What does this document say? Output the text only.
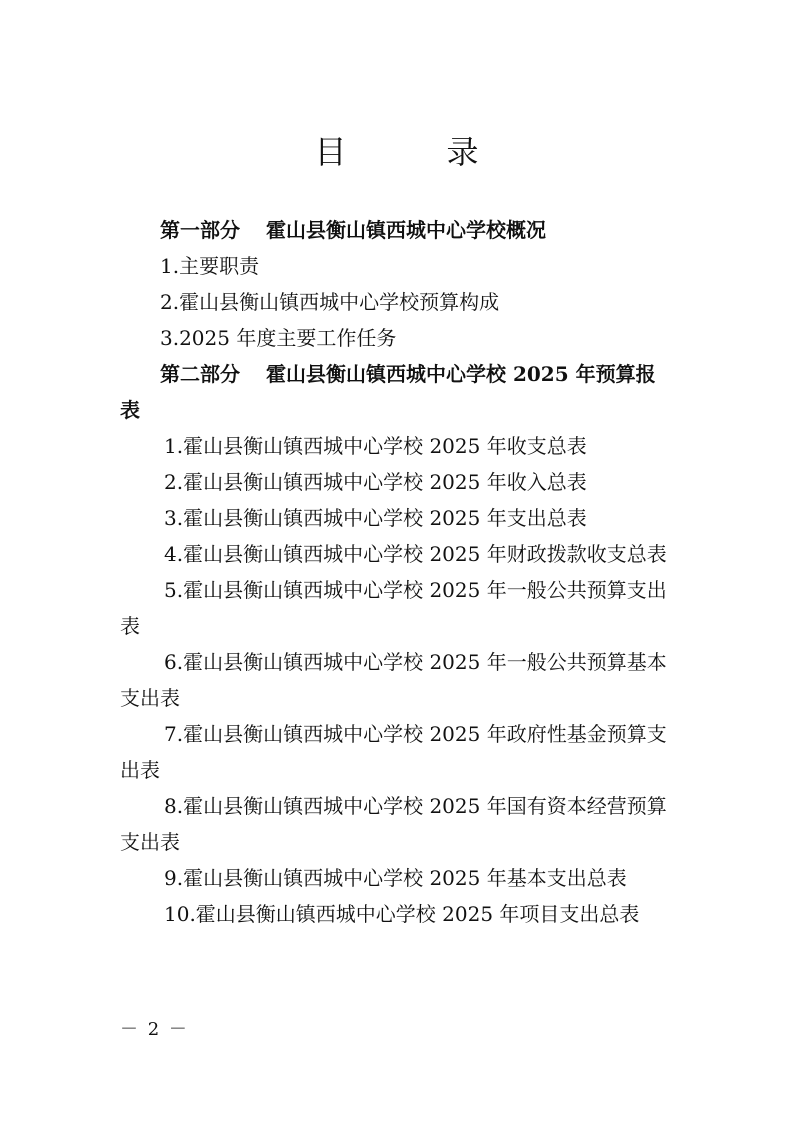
目　录
第一部分 霍山县衡山镇西城中心学校概况
1.主要职责
2.霍山县衡山镇西城中心学校预算构成
3.2025 年度主要工作任务
第二部分 霍山县衡山镇西城中心学校 2025 年预算报表
1.霍山县衡山镇西城中心学校 2025 年收支总表
2.霍山县衡山镇西城中心学校 2025 年收入总表
3.霍山县衡山镇西城中心学校 2025 年支出总表
4.霍山县衡山镇西城中心学校 2025 年财政拨款收支总表
5.霍山县衡山镇西城中心学校 2025 年一般公共预算支出表
6.霍山县衡山镇西城中心学校 2025 年一般公共预算基本支出表
7.霍山县衡山镇西城中心学校 2025 年政府性基金预算支出表
8.霍山县衡山镇西城中心学校 2025 年国有资本经营预算支出表
9.霍山县衡山镇西城中心学校 2025 年基本支出总表
10.霍山县衡山镇西城中心学校 2025 年项目支出总表
－ 2 －
